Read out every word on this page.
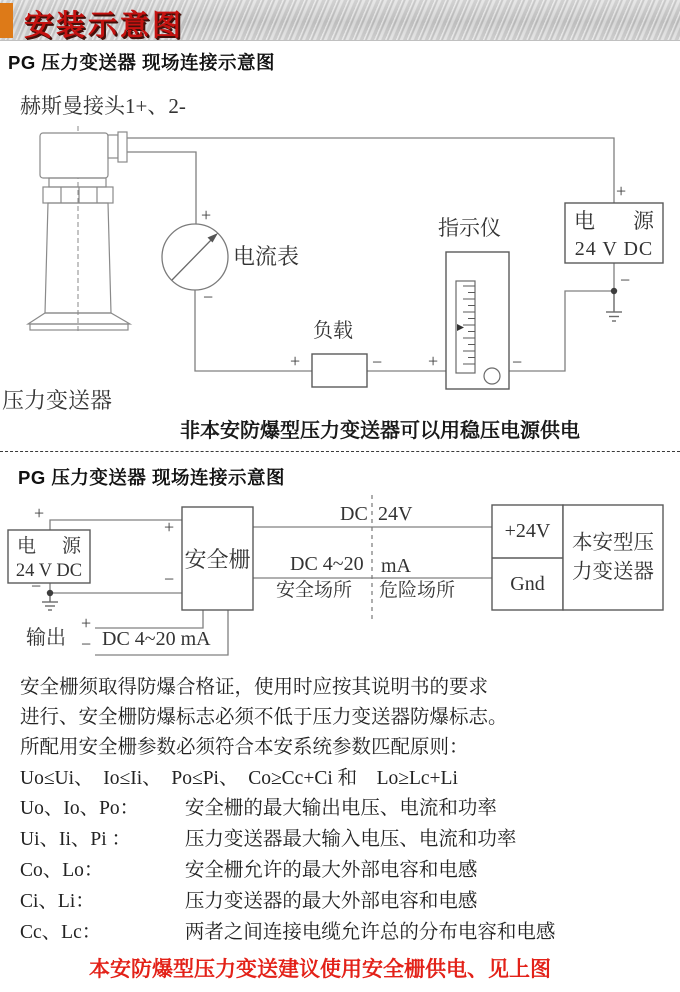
安装示意图
PG 压力变送器 现场连接示意图
赫斯曼接头1+、2-
+
电流表
−
负载
+	−
指示仪
+	−
+
−
压力变送器
电 源
24 V DC
非本安防爆型压力变送器可以用稳压电源供电
PG 压力变送器 现场连接示意图
+
−
电 源
24 V DC
+
−
安全栅
+
−
输出 DC 4~20 mA
DC 24V
DC 4~20 mA
安全场所 危险场所
+24V
Gnd
本安型压
力变送器
安全栅须取得防爆合格证，使用时应按其说明书的要求
进行、安全栅防爆标志必须不低于压力变送器防爆标志。
所配用安全栅参数必须符合本安系统参数匹配原则：
Uo≤Ui、　Io≤Ii、　Po≤Pi、　Co≥Cc+Ci 和　Lo≥Lc+Li
Uo、Io、Po： 安全栅的最大输出电压、电流和功率
Ui、Ii、Pi ：	压力变送器最大输入电压、电流和功率
Co、Lo：	安全栅允许的最大外部电容和电感
Ci、Li：	压力变送器的最大外部电容和电感
Cc、Lc：	两者之间连接电缆允许总的分布电容和电感
本安防爆型压力变送建议使用安全栅供电、见上图
